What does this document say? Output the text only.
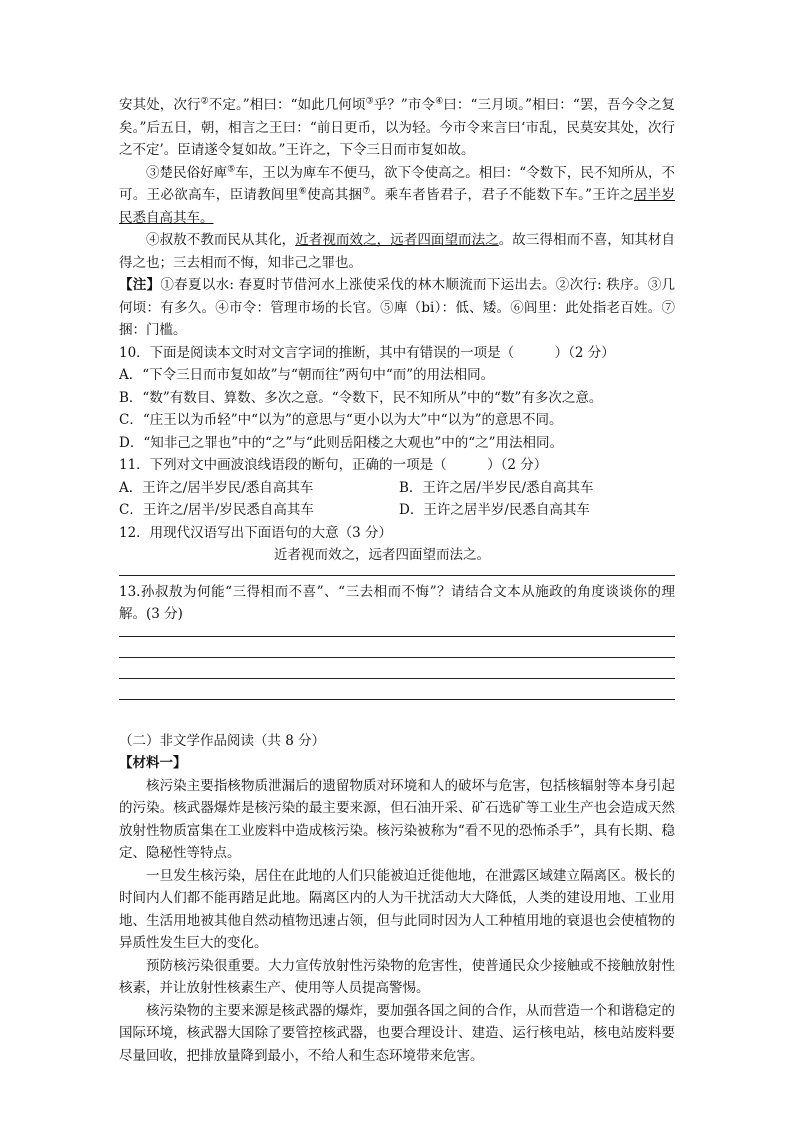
安其处，次行②不定。”相曰：“如此几何顷③乎？”市令④曰：“三月顷。”相曰：“罢，吾今令之复矣。”后五日，朝，相言之王曰：“前日更币，以为轻。今市令来言曰‘市乱，民莫安其处，次行之不定’。臣请遂令复如故。”王许之，下令三日而市复如故。

③楚民俗好庳⑤车，王以为庳车不便马，欲下令使高之。相曰：“令数下，民不知所从，不可。王必欲高车，臣请教闾里⑥使高其捆⑦。乘车者皆君子，君子不能数下车。”王许之居半岁民悉自高其车。

④叔敖不教而民从其化，近者视而效之，远者四面望而法之。故三得相而不喜，知其材自得之也；三去相而不悔，知非己之罪也。

【注】①春夏以水: 春夏时节借河水上涨使采伐的林木顺流而下运出去。②次行: 秩序。③几何顷：有多久。④市令：管理市场的长官。⑤庳（bi）：低、矮。⑥闾里：此处指老百姓。⑦捆：门槛。

10．下面是阅读本文时对文言字词的推断，其中有错误的一项是（　　　）（2 分）

A．“下令三日而市复如故”与“朝而往”两句中“而”的用法相同。

B．“数”有数目、算数、多次之意。“令数下，民不知所从”中的“数”有多次之意。

C．“庄王以为币轻”中“以为”的意思与“更小以为大”中“以为”的意思不同。

D．“知非己之罪也”中的“之”与“此则岳阳楼之大观也”中的“之”用法相同。

11．下列对文中画波浪线语段的断句，正确的一项是（　　　）（2 分）

A．王许之/居半岁民/悉自高其车	B．王许之居/半岁民/悉自高其车
C．王许之/居半/岁民悉自高其车	D．王许之居半岁/民悉自高其车

12．用现代汉语写出下面语句的大意（3 分）

近者视而效之，远者四面望而法之。

13.孙叔敖为何能“三得相而不喜”、“三去相而不悔”？请结合文本从施政的角度谈谈你的理解。(3 分)

（二）非文学作品阅读（共 8 分）

【材料一】

核污染主要指核物质泄漏后的遗留物质对环境和人的破坏与危害，包括核辐射等本身引起的污染。核武器爆炸是核污染的最主要来源，但石油开采、矿石选矿等工业生产也会造成天然放射性物质富集在工业废料中造成核污染。核污染被称为“看不见的恐怖杀手”，具有长期、稳定、隐秘性等特点。

一旦发生核污染，居住在此地的人们只能被迫迁徙他地，在泄露区域建立隔离区。极长的时间内人们都不能再踏足此地。隔离区内的人为干扰活动大大降低，人类的建设用地、工业用地、生活用地被其他自然动植物迅速占领，但与此同时因为人工种植用地的衰退也会使植物的异质性发生巨大的变化。

预防核污染很重要。大力宣传放射性污染物的危害性，使普通民众少接触或不接触放射性核素，并让放射性核素生产、使用等人员提高警惕。

核污染物的主要来源是核武器的爆炸，要加强各国之间的合作，从而营造一个和谐稳定的国际环境，核武器大国除了要管控核武器，也要合理设计、建造、运行核电站，核电站废料要尽量回收，把排放量降到最小，不给人和生态环境带来危害。
